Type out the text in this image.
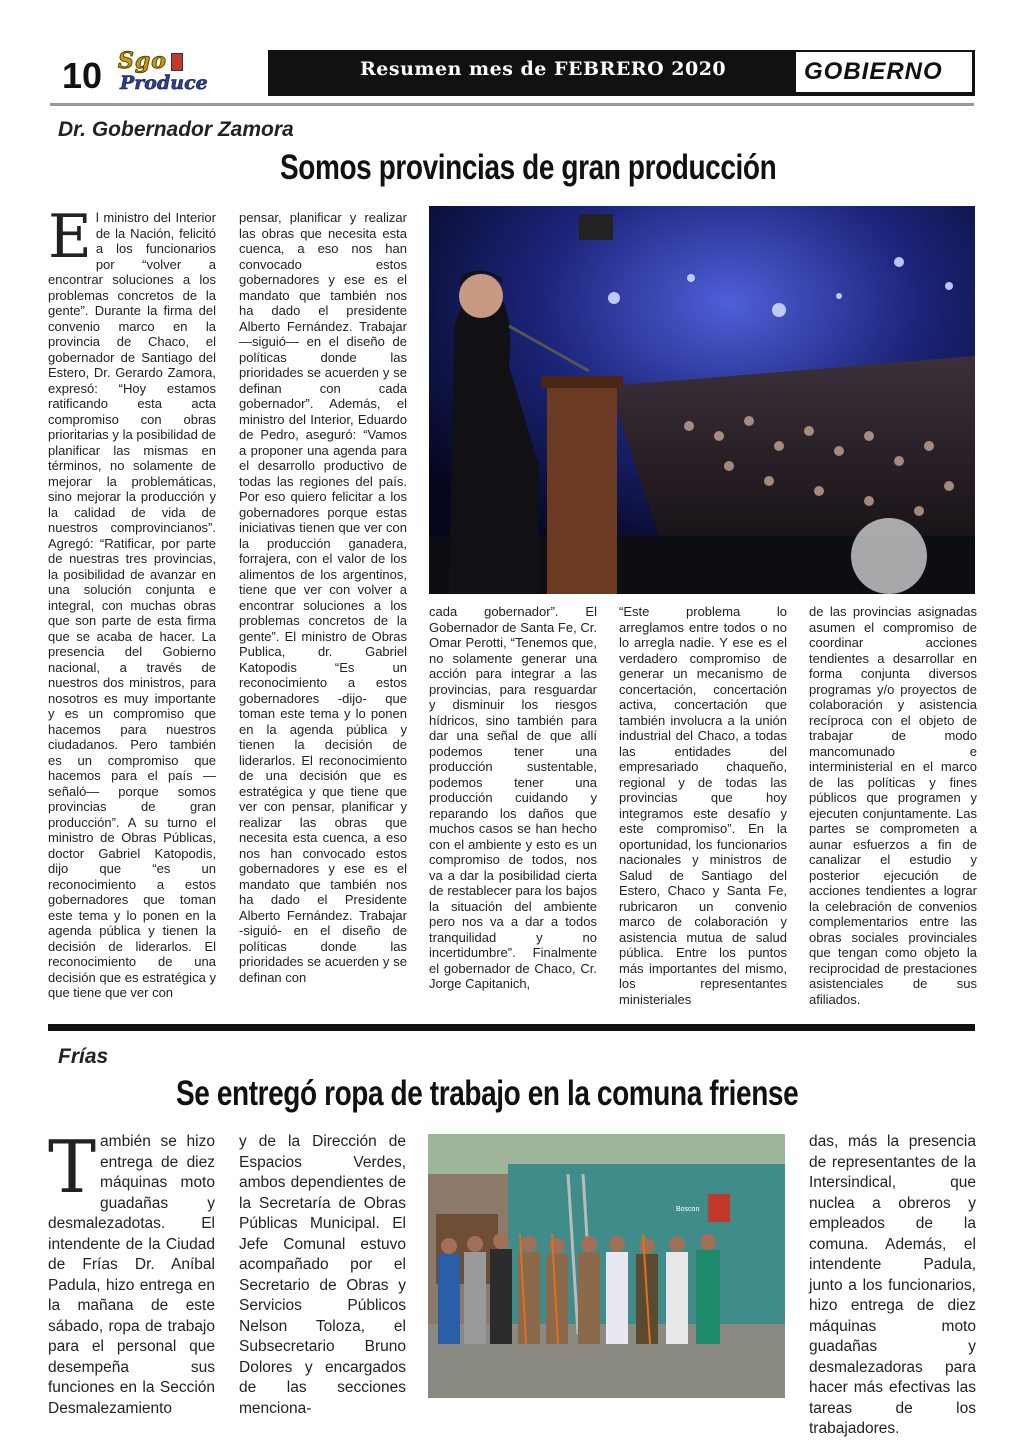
10 Sgo
Produce
Resumen mes de FEBRERO 2020	GOBIERNO
Dr. Gobernador Zamora
Somos provincias de gran producción
E l ministro del Interior de la Nación, felicitó a los funcionarios por “volver a encontrar soluciones a los problemas concretos de la gente”. Durante la firma del convenio marco en la provincia de Chaco, el gobernador de Santiago del Estero, Dr. Gerardo Zamora, expresó: “Hoy estamos ratificando esta acta compromiso con obras prioritarias y la posibilidad de planificar las mismas en términos, no solamente de mejorar la problemáticas, sino mejorar la producción y la calidad de vida de nuestros comprovincianos”. Agregó: “Ratificar, por parte de nuestras tres provincias, la posibilidad de avanzar en una solución conjunta e integral, con muchas obras que son parte de esta firma que se acaba de hacer. La presencia del Gobierno nacional, a través de nuestros dos ministros, para nosotros es muy importante y es un compromiso que hacemos para nuestros ciudadanos. Pero también es un compromiso que hacemos para el país —señaló— porque somos provincias de gran producción”. A su turno el ministro de Obras Públicas, doctor Gabriel Katopodis, dijo que “es un reconocimiento a estos gobernadores que toman este tema y lo ponen en la agenda pública y tienen la decisión de liderarlos. El reconocimiento de una decisión que es estratégica y que tiene que ver con

pensar, planificar y realizar las obras que necesita esta cuenca, a eso nos han convocado estos gobernadores y ese es el mandato que también nos ha dado el presidente Alberto Fernández. Trabajar —siguió— en el diseño de políticas donde las prioridades se acuerden y se definan con cada gobernador”. Además, el ministro del Interior, Eduardo de Pedro, aseguró: “Vamos a proponer una agenda para el desarrollo productivo de todas las regiones del país. Por eso quiero felicitar a los gobernadores porque estas iniciativas tienen que ver con la producción ganadera, forrajera, con el valor de los alimentos de los argentinos, tiene que ver con volver a encontrar soluciones a los problemas concretos de la gente”. El ministro de Obras Publica, dr. Gabriel Katopodis “Es un reconocimiento a estos gobernadores -dijo- que toman este tema y lo ponen en la agenda pública y tienen la decisión de liderarlos. El reconocimiento de una decisión que es estratégica y que tiene que ver con pensar, planificar y realizar las obras que necesita esta cuenca, a eso nos han convocado estos gobernadores y ese es el mandato que también nos ha dado el Presidente Alberto Fernández. Trabajar -siguió- en el diseño de políticas donde las prioridades se acuerden y se definan con

cada gobernador”. El Gobernador de Santa Fe, Cr. Omar Perotti, “Tenemos que, no solamente generar una acción para integrar a las provincias, para resguardar y disminuir los riesgos hídricos, sino también para dar una señal de que allí podemos tener una producción sustentable, podemos tener una producción cuidando y reparando los daños que muchos casos se han hecho con el ambiente y esto es un compromiso de todos, nos va a dar la posibilidad cierta de restablecer para los bajos la situación del ambiente pero nos va a dar a todos tranquilidad y no incertidumbre”. Finalmente el gobernador de Chaco, Cr. Jorge Capitanich,

“Este problema lo arreglamos entre todos o no lo arregla nadie. Y ese es el verdadero compromiso de generar un mecanismo de concertación, concertación activa, concertación que también involucra a la unión industrial del Chaco, a todas las entidades del empresariado chaqueño, regional y de todas las provincias que hoy integramos este desafío y este compromiso”. En la oportunidad, los funcionarios nacionales y ministros de Salud de Santiago del Estero, Chaco y Santa Fe, rubricaron un convenio marco de colaboración y asistencia mutua de salud pública. Entre los puntos más importantes del mismo, los representantes ministeriales

de las provincias asignadas asumen el compromiso de coordinar acciones tendientes a desarrollar en forma conjunta diversos programas y/o proyectos de colaboración y asistencia recíproca con el objeto de trabajar de modo mancomunado e interministerial en el marco de las políticas y fines públicos que programen y ejecuten conjuntamente. Las partes se comprometen a aunar esfuerzos a fin de canalizar el estudio y posterior ejecución de acciones tendientes a lograr la celebración de convenios complementarios entre las obras sociales provinciales que tengan como objeto la reciprocidad de prestaciones asistenciales de sus afiliados.

Frías
Se entregó ropa de trabajo en la comuna friense
T ambién se hizo entrega de diez máquinas moto guadañas y desmalezadotas. El intendente de la Ciudad de Frías Dr. Aníbal Padula, hizo entrega en la mañana de este sábado, ropa de trabajo para el personal que desempeña sus funciones en la Sección Desmalezamiento

y de la Dirección de Espacios Verdes, ambos dependientes de la Secretaría de Obras Públicas Municipal. El Jefe Comunal estuvo acompañado por el Secretario de Obras y Servicios Públicos Nelson Toloza, el Subsecretario Bruno Dolores y encargados de las secciones menciona-

Boscon

das, más la presencia de representantes de la Intersindical, que nuclea a obreros y empleados de la comuna. Además, el intendente Padula, junto a los funcionarios, hizo entrega de diez máquinas moto guadañas y desmalezadoras para hacer más efectivas las tareas de los trabajadores.
